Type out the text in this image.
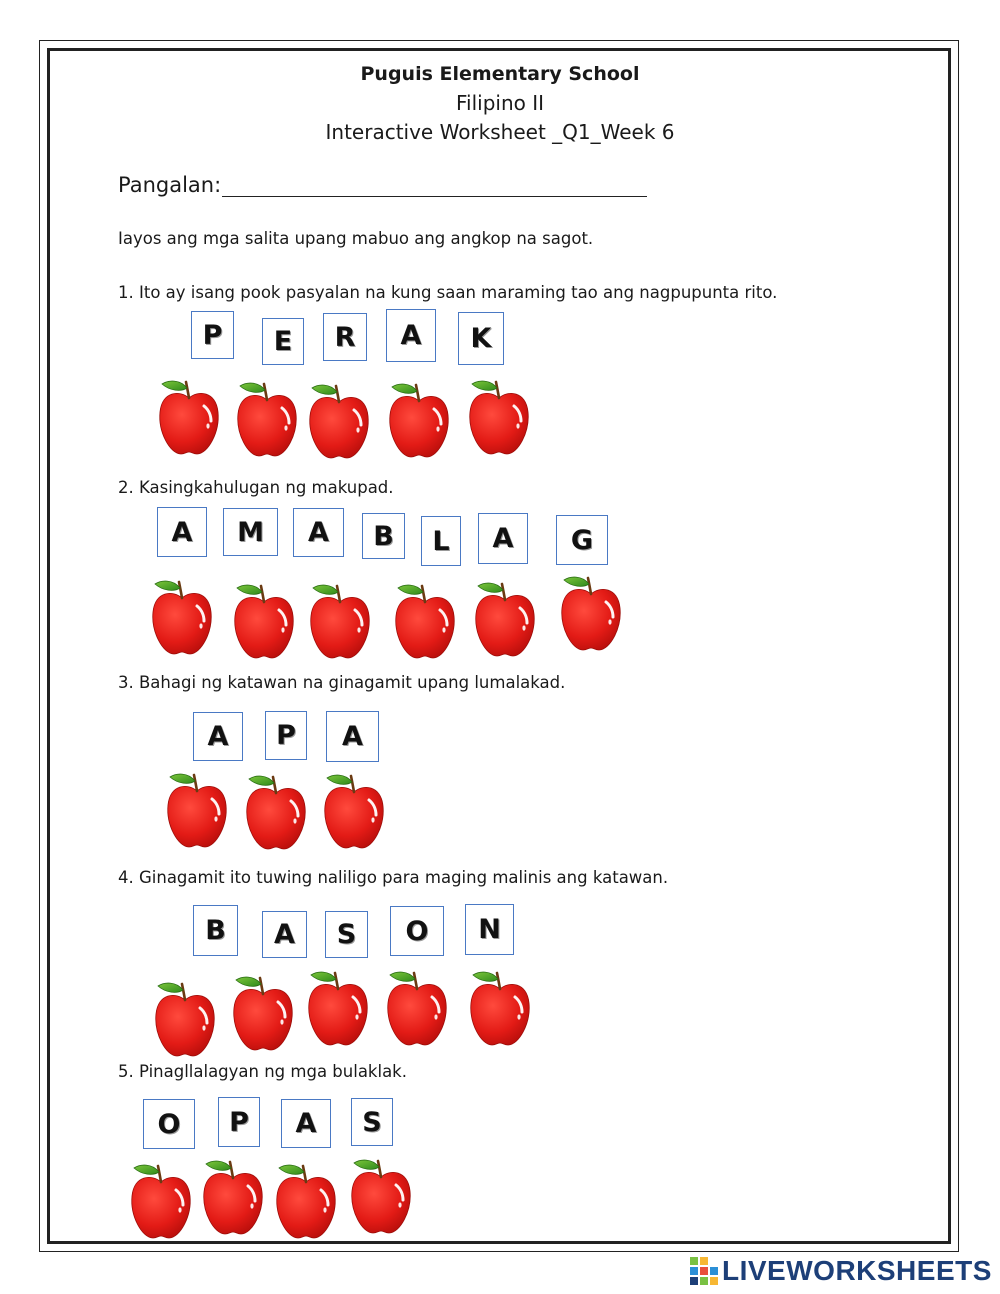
Puguis Elementary School
Filipino II
Interactive Worksheet _Q1_Week 6
Pangalan:
Iayos ang mga salita upang mabuo ang angkop na sagot.
1. Ito ay isang pook pasyalan na kung saan maraming tao ang nagpupunta rito.
2. Kasingkahulugan ng makupad.
3. Bahagi ng katawan na ginagamit upang lumalakad.
4. Ginagamit ito tuwing naliligo para maging malinis ang katawan.
5. Pinagllalagyan ng mga bulaklak.
P	E	R	A	K
A	M	A	B	L	A	G
A	P	A
B	A	S	O	N
O	P	A	S
LIVEWORKSHEETS
